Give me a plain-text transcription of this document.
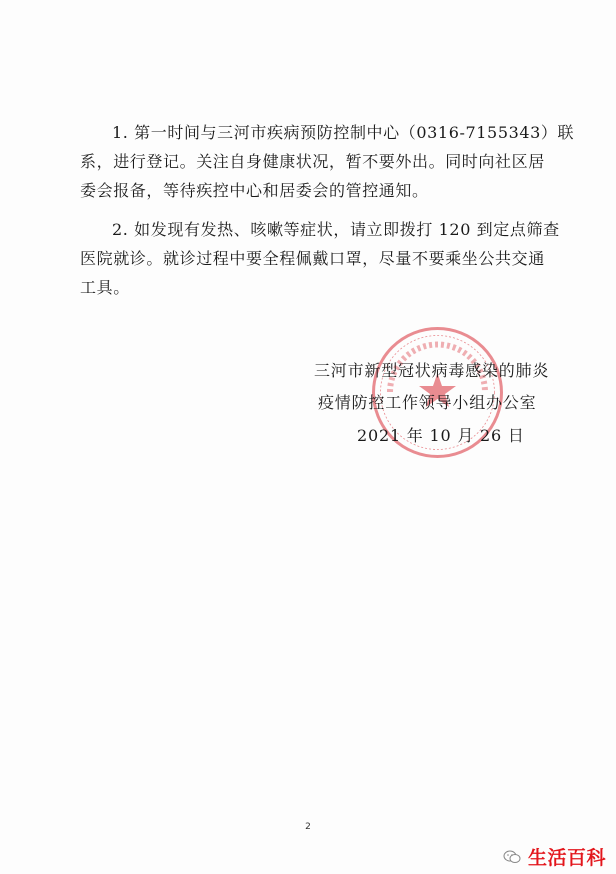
1. 第一时间与三河市疾病预防控制中心（0316-7155343）联
系，进行登记。关注自身健康状况，暂不要外出。同时向社区居
委会报备，等待疾控中心和居委会的管控通知。

2. 如发现有发热、咳嗽等症状，请立即拨打 120 到定点筛查
医院就诊。就诊过程中要全程佩戴口罩，尽量不要乘坐公共交通
工具。

三河市新型冠状病毒感染的肺炎
疫情防控工作领导小组办公室
2021 年 10 月 26 日
2
生活百科
